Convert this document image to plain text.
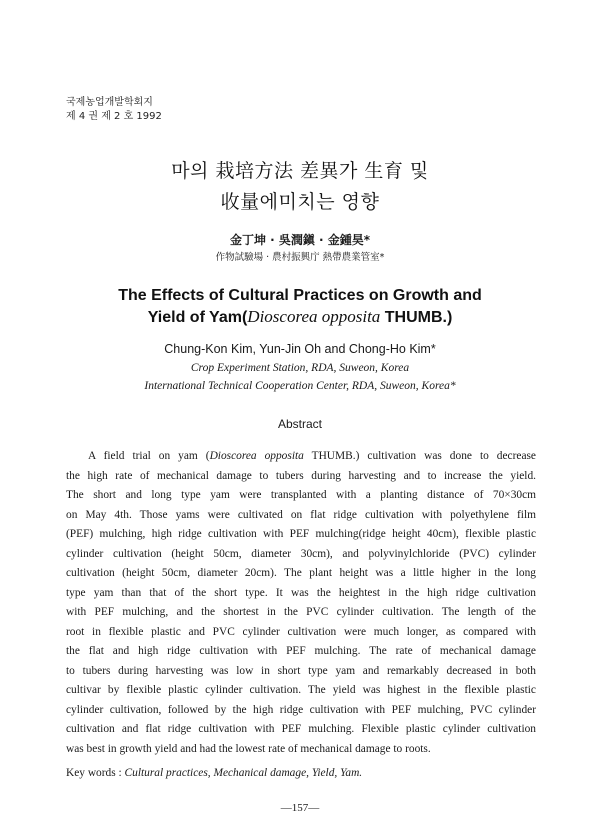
국제농업개발학회지
제 4 권 제 2 호 1992
마의 栽培方法 差異가 生育 및
收量에미치는 영향
金丁坤 · 吳潤鎭 · 金鍾昊*
作物試驗場 · 農村振興庁 熱帶農業管室*
The Effects of Cultural Practices on Growth and
Yield of Yam(Dioscorea opposita THUMB.)
Chung-Kon Kim, Yun-Jin Oh and Chong-Ho Kim*
Crop Experiment Station, RDA, Suweon, Korea
International Technical Cooperation Center, RDA, Suweon, Korea*
Abstract
A field trial on yam (Dioscorea opposita THUMB.) cultivation was done to decrease
the high rate of mechanical damage to tubers during harvesting and to increase the yield.
The short and long type yam were transplanted with a planting distance of 70×30cm
on May 4th. Those yams were cultivated on flat ridge cultivation with polyethylene film
(PEF) mulching, high ridge cultivation with PEF mulching(ridge height 40cm), flexible plastic
cylinder cultivation (height 50cm, diameter 30cm), and polyvinylchloride (PVC) cylinder
cultivation (height 50cm, diameter 20cm). The plant height was a little higher in the long
type yam than that of the short type. It was the heightest in the high ridge cultivation
with PEF mulching, and the shortest in the PVC cylinder cultivation. The length of the
root in flexible plastic and PVC cylinder cultivation were much longer, as compared with
the flat and high ridge cultivation with PEF mulching. The rate of mechanical damage
to tubers during harvesting was low in short type yam and remarkably decreased in both
cultivar by flexible plastic cylinder cultivation. The yield was highest in the flexible plastic
cylinder cultivation, followed by the high ridge cultivation with PEF mulching, PVC cylinder
cultivation and flat ridge cultivation with PEF mulching. Flexible plastic cylinder cultivation
was best in growth yield and had the lowest rate of mechanical damage to roots.
Key words : Cultural practices, Mechanical damage, Yield, Yam.
—157—
